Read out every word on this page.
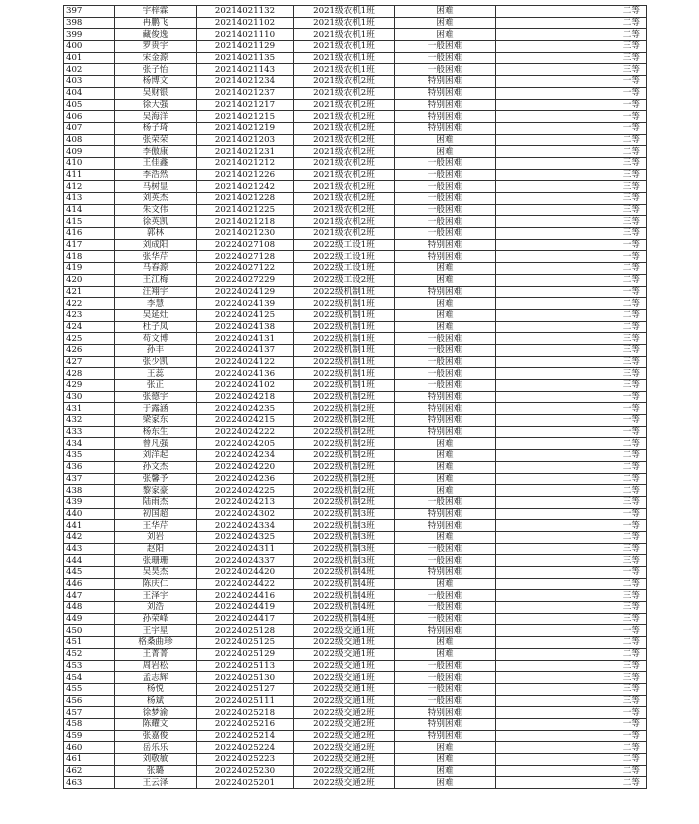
397	宇梓霖	20214021132	2021级农机1班	困难	二等
398	冉鹏飞	20214021102	2021级农机1班	困难	二等
399	藏俊逸	20214021110	2021级农机1班	困难	二等
400	罗贵宇	20214021129	2021级农机1班	一般困难	三等
401	宋金源	20214021135	2021级农机1班	一般困难	三等
402	张子怡	20214021143	2021级农机1班	一般困难	三等
403	杨博文	20214021234	2021级农机2班	特别困难	一等
404	吴财银	20214021237	2021级农机2班	特别困难	一等
405	徐大强	20214021217	2021级农机2班	特别困难	一等
406	吴海洋	20214021215	2021级农机2班	特别困难	一等
407	杨子琦	20214021219	2021级农机2班	特别困难	一等
408	张荣荣	20214021203	2021级农机2班	困难	二等
409	李傲康	20214021231	2021级农机2班	困难	二等
410	王佳鑫	20214021212	2021级农机2班	一般困难	三等
411	李浩然	20214021226	2021级农机2班	一般困难	三等
412	马树显	20214021242	2021级农机2班	一般困难	三等
413	刘英杰	20214021228	2021级农机2班	一般困难	三等
414	朱文伟	20214021225	2021级农机2班	一般困难	三等
415	徐英凯	20214021218	2021级农机2班	一般困难	三等
416	郭林	20214021230	2021级农机2班	一般困难	三等
417	刘成阳	20224027108	2022级工设1班	特别困难	一等
418	张华芹	20224027128	2022级工设1班	特别困难	一等
419	马春源	20224027122	2022级工设1班	困难	二等
420	王江梅	20224027229	2022级工设2班	困难	二等
421	汪翔宇	20224024129	2022级机制1班	特别困难	一等
422	李慧	20224024139	2022级机制1班	困难	二等
423	吴延灶	20224024125	2022级机制1班	困难	二等
424	杜子凤	20224024138	2022级机制1班	困难	二等
425	苟文博	20224024131	2022级机制1班	一般困难	三等
426	孙丰	20224024137	2022级机制1班	一般困难	三等
427	张少凯	20224024122	2022级机制1班	一般困难	三等
428	王蕊	20224024136	2022级机制1班	一般困难	三等
429	张正	20224024102	2022级机制1班	一般困难	三等
430	张德宇	20224024218	2022级机制2班	特别困难	一等
431	于露涵	20224024235	2022级机制2班	特别困难	一等
432	梁家东	20224024215	2022级机制2班	特别困难	一等
433	杨东生	20224024222	2022级机制2班	特别困难	一等
434	曾凡强	20224024205	2022级机制2班	困难	二等
435	刘洋起	20224024234	2022级机制2班	困难	二等
436	孙文杰	20224024220	2022级机制2班	困难	二等
437	张馨予	20224024236	2022级机制2班	困难	二等
438	黎家豪	20224024225	2022级机制2班	困难	二等
439	陆雨杰	20224024213	2022级机制2班	一般困难	三等
440	初国超	20224024302	2022级机制3班	特别困难	一等
441	王华芹	20224024334	2022级机制3班	特别困难	一等
442	刘岩	20224024325	2022级机制3班	困难	二等
443	赵阳	20224024311	2022级机制3班	一般困难	三等
444	张珊珊	20224024337	2022级机制3班	一般困难	三等
445	吴昊杰	20224024420	2022级机制4班	特别困难	一等
446	陈庆仁	20224024422	2022级机制4班	困难	二等
447	王泽宇	20224024416	2022级机制4班	一般困难	三等
448	刘浩	20224024419	2022级机制4班	一般困难	三等
449	孙荣峰	20224024417	2022级机制4班	一般困难	三等
450	王宇星	20224025128	2022级交通1班	特别困难	一等
451	格桑曲珍	20224025125	2022级交通1班	困难	二等
452	王菁菁	20224025129	2022级交通1班	困难	二等
453	周岩松	20224025113	2022级交通1班	一般困难	三等
454	孟志辉	20224025130	2022级交通1班	一般困难	三等
455	杨悦	20224025127	2022级交通1班	一般困难	三等
456	杨斌	20224025111	2022级交通1班	一般困难	三等
457	徐梦渝	20224025218	2022级交通2班	特别困难	一等
458	陈耀文	20224025216	2022级交通2班	特别困难	一等
459	张嘉俊	20224025214	2022级交通2班	特别困难	一等
460	岳乐乐	20224025224	2022级交通2班	困难	二等
461	刘敬敏	20224025223	2022级交通2班	困难	二等
462	张璐	20224025230	2022级交通2班	困难	二等
463	王云泽	20224025201	2022级交通2班	困难	二等
